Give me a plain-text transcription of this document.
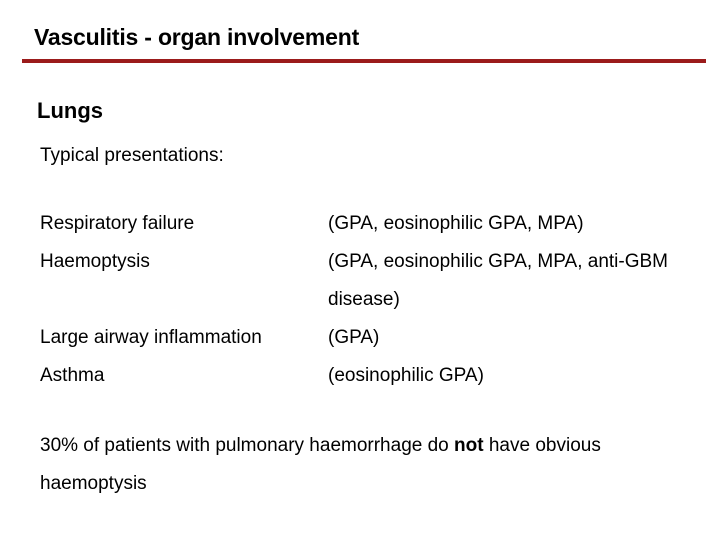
Vasculitis - organ involvement
Lungs
Typical presentations:
Respiratory failure	(GPA, eosinophilic GPA, MPA)
Haemoptysis	(GPA, eosinophilic GPA, MPA, anti-GBM disease)
Large airway inflammation	(GPA)
Asthma	(eosinophilic GPA)
30% of patients with pulmonary haemorrhage do not have obvious haemoptysis
